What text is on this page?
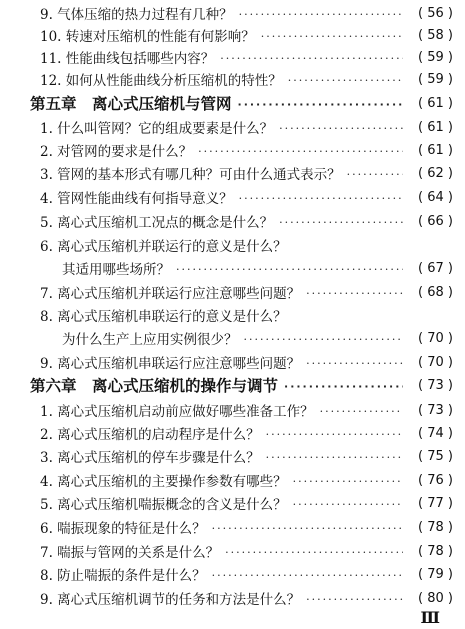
9. 气体压缩的热力过程有几种？ ·····	( 56 )
10. 转速对压缩机的性能有何影响？ ·····	( 58 )
11. 性能曲线包括哪些内容？ ·····	( 59 )
12. 如何从性能曲线分析压缩机的特性？ ·····	( 59 )
第五章　离心式压缩机与管网 ·····	( 61 )
1. 什么叫管网？它的组成要素是什么？ ·····	( 61 )
2. 对管网的要求是什么？ ·····	( 61 )
3. 管网的基本形式有哪几种？可由什么通式表示？ ·····	( 62 )
4. 管网性能曲线有何指导意义？ ·····	( 64 )
5. 离心式压缩机工况点的概念是什么？ ·····	( 66 )
6. 离心式压缩机并联运行的意义是什么？
其适用哪些场所？ ·····	( 67 )
7. 离心式压缩机并联运行应注意哪些问题？ ·····	( 68 )
8. 离心式压缩机串联运行的意义是什么？
为什么生产上应用实例很少？ ·····	( 70 )
9. 离心式压缩机串联运行应注意哪些问题？ ·····	( 70 )
第六章　离心式压缩机的操作与调节 ·····	( 73 )
1. 离心式压缩机启动前应做好哪些准备工作？ ·····	( 73 )
2. 离心式压缩机的启动程序是什么？ ·····	( 74 )
3. 离心式压缩机的停车步骤是什么？ ·····	( 75 )
4. 离心式压缩机的主要操作参数有哪些？ ·····	( 76 )
5. 离心式压缩机喘振概念的含义是什么？ ·····	( 77 )
6. 喘振现象的特征是什么？ ·····	( 78 )
7. 喘振与管网的关系是什么？ ·····	( 78 )
8. 防止喘振的条件是什么？ ·····	( 79 )
9. 离心式压缩机调节的任务和方法是什么？ ·····	( 80 )
Ⅲ
